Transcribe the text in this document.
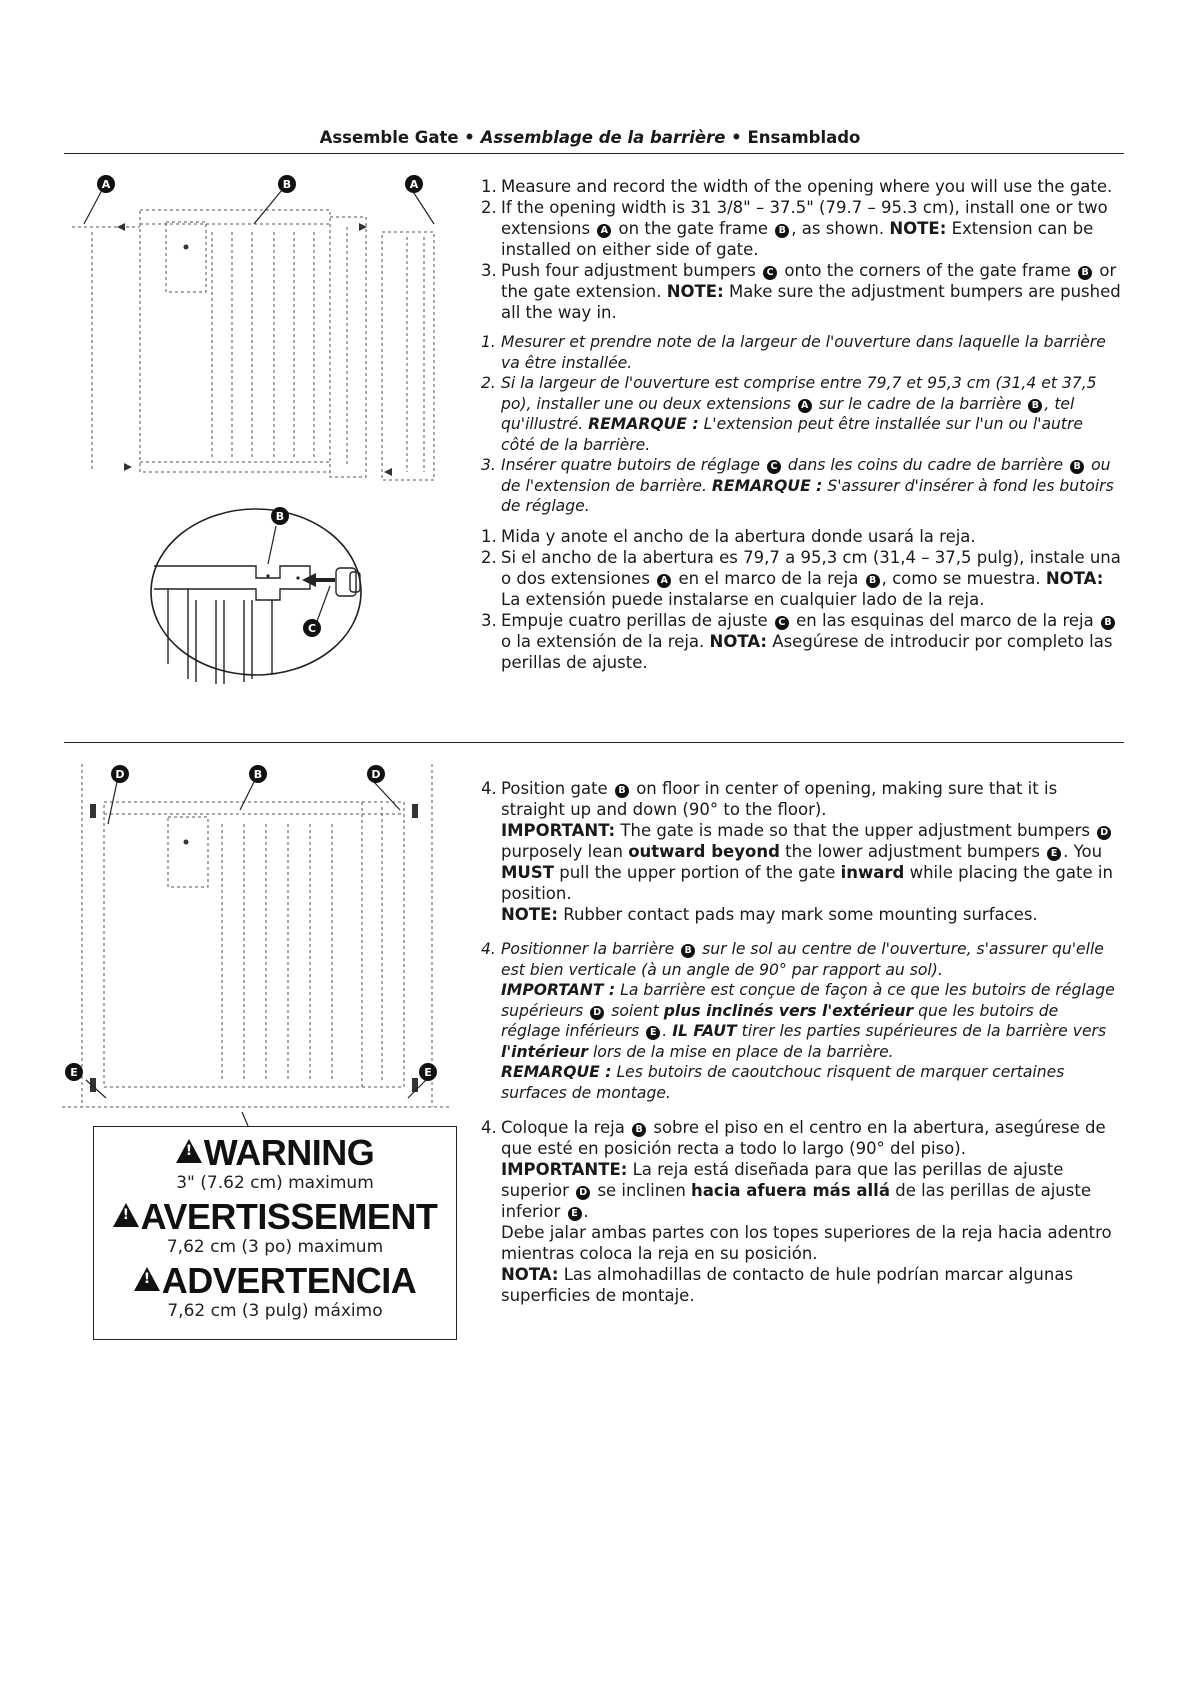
Assemble Gate • Assemblage de la barrière • Ensamblado
A	B	A
B
C
D	B	D
E	E
!WARNING
3" (7.62 cm) maximum
!AVERTISSEMENT
7,62 cm (3 po) maximum
!ADVERTENCIA
7,62 cm (3 pulg) máximo
1. Measure and record the width of the opening where you will use the gate.
2. If the opening width is 31 3/8" – 37.5" (79.7 – 95.3 cm), install one or two extensions A on the gate frame B , as shown. NOTE: Extension can be installed on either side of gate.
3. Push four adjustment bumpers C onto the corners of the gate frame B or the gate extension. NOTE: Make sure the adjustment bumpers are pushed all the way in.
1. Mesurer et prendre note de la largeur de l'ouverture dans laquelle la barrière va être installée.
2. Si la largeur de l'ouverture est comprise entre 79,7 et 95,3 cm (31,4 et 37,5 po), installer une ou deux extensions A sur le cadre de la barrière B , tel qu'illustré. REMARQUE : L'extension peut être installée sur l'un ou l'autre côté de la barrière.
3. Insérer quatre butoirs de réglage C dans les coins du cadre de barrière B ou de l'extension de barrière. REMARQUE : S'assurer d'insérer à fond les butoirs de réglage.
1. Mida y anote el ancho de la abertura donde usará la reja.
2. Si el ancho de la abertura es 79,7 a 95,3 cm (31,4 – 37,5 pulg), instale una o dos extensiones A en el marco de la reja B , como se muestra. NOTA: La extensión puede instalarse en cualquier lado de la reja.
3. Empuje cuatro perillas de ajuste C en las esquinas del marco de la reja B o la extensión de la reja. NOTA: Asegúrese de introducir por completo las perillas de ajuste.
4. Position gate B on floor in center of opening, making sure that it is straight up and down (90° to the floor).
IMPORTANT: The gate is made so that the upper adjustment bumpers D purposely lean outward beyond the lower adjustment bumpers E . You MUST pull the upper portion of the gate inward while placing the gate in position.
NOTE: Rubber contact pads may mark some mounting surfaces.
4. Positionner la barrière B sur le sol au centre de l'ouverture, s'assurer qu'elle est bien verticale (à un angle de 90° par rapport au sol).
IMPORTANT : La barrière est conçue de façon à ce que les butoirs de réglage supérieurs D soient plus inclinés vers l'extérieur que les butoirs de réglage inférieurs E . IL FAUT tirer les parties supérieures de la barrière vers l'intérieur lors de la mise en place de la barrière.
REMARQUE : Les butoirs de caoutchouc risquent de marquer certaines surfaces de montage.
4. Coloque la reja B sobre el piso en el centro en la abertura, asegúrese de que esté en posición recta a todo lo largo (90° del piso).
IMPORTANTE: La reja está diseñada para que las perillas de ajuste superior D se inclinen hacia afuera más allá de las perillas de ajuste inferior E .
Debe jalar ambas partes con los topes superiores de la reja hacia adentro mientras coloca la reja en su posición.
NOTA: Las almohadillas de contacto de hule podrían marcar algunas superficies de montaje.
